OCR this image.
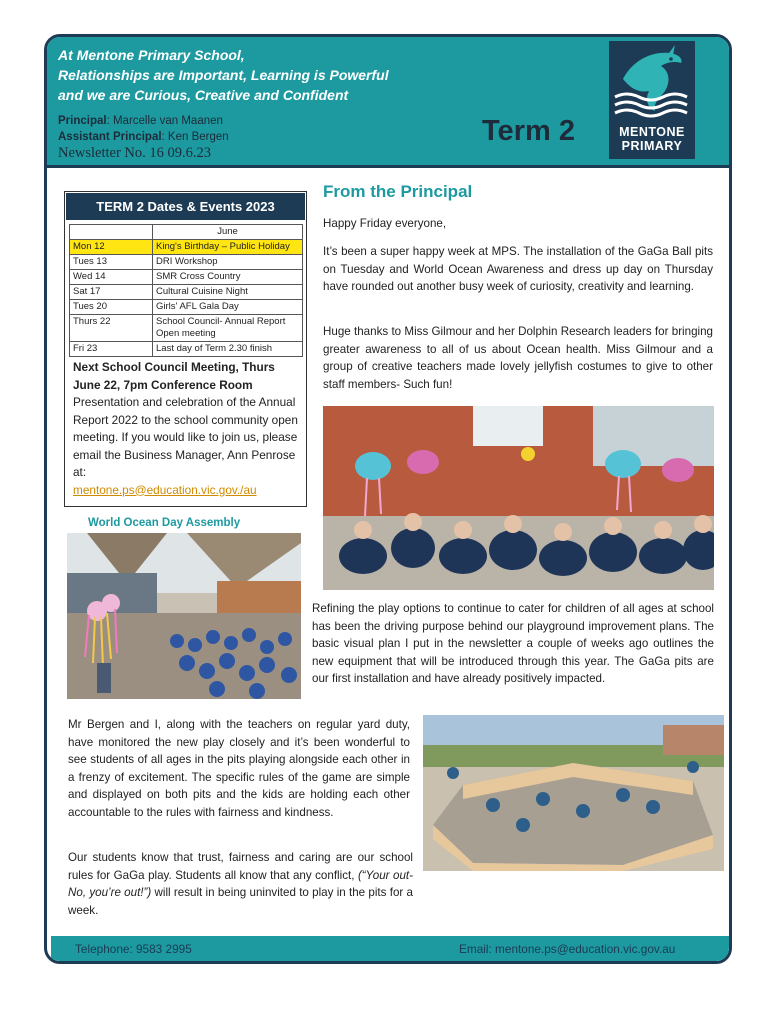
At Mentone Primary School,
Relationships are Important, Learning is Powerful
and we are Curious, Creative and Confident
Principal: Marcelle van Maanen
Assistant Principal: Ken Bergen
Newsletter No. 16 09.6.23
Term 2	MENTONE
PRIMARY
Telephone: 9583 2995	Email: mentone.ps@education.vic.gov.au
TERM 2 Dates & Events 2023
	June
Mon 12	King's Birthday – Public Holiday
Tues 13	DRI Workshop
Wed 14	SMR Cross Country
Sat 17	Cultural Cuisine Night
Tues 20	Girls' AFL Gala Day
Thurs 22	School Council- Annual Report Open meeting
Fri 23	Last day of Term 2.30 finish
Next School Council Meeting, Thurs June 22, 7pm Conference Room
Presentation and celebration of the Annual Report 2022 to the school community open meeting. If you would like to join us, please email the Business Manager, Ann Penrose at:
mentone.ps@education.vic.gov./au
World Ocean Day Assembly
From the Principal
Happy Friday everyone,
It’s been a super happy week at MPS. The installation of the GaGa Ball pits on Tuesday and World Ocean Awareness and dress up day on Thursday have rounded out another busy week of curiosity, creativity and learning.
Huge thanks to Miss Gilmour and her Dolphin Research leaders for bringing greater awareness to all of us about Ocean health. Miss Gilmour and a group of creative teachers made lovely jellyfish costumes to give to other staff members- Such fun!
Refining the play options to continue to cater for children of all ages at school has been the driving purpose behind our playground improvement plans. The basic visual plan I put in the newsletter a couple of weeks ago outlines the new equipment that will be introduced through this year. The GaGa pits are our first installation and have already positively impacted.
Mr Bergen and I, along with the teachers on regular yard duty, have monitored the new play closely and it’s been wonderful to see students of all ages in the pits playing alongside each other in a frenzy of excitement. The specific rules of the game are simple and displayed on both pits and the kids are holding each other accountable to the rules with fairness and kindness.
Our students know that trust, fairness and caring are our school rules for GaGa play. Students all know that any conflict, (“Your out- No, you’re out!”) will result in being uninvited to play in the pits for a week.
